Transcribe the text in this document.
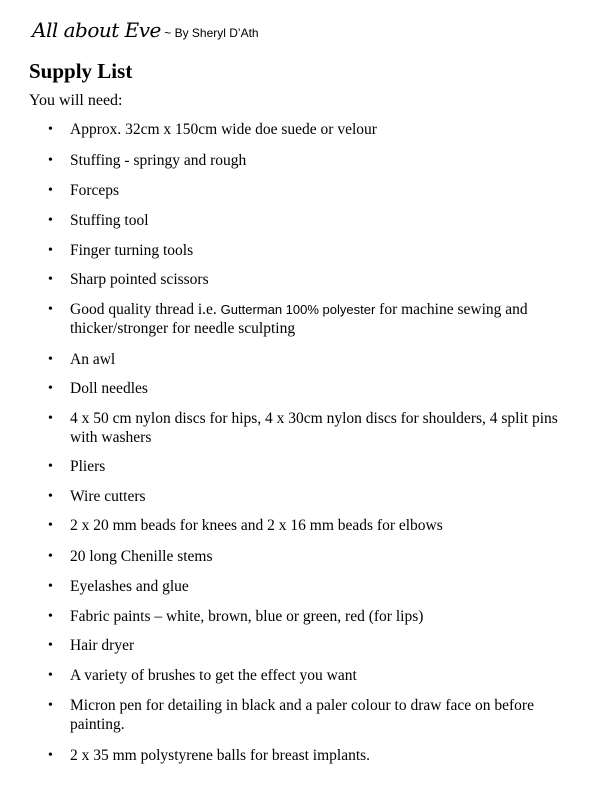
All about Eve ~ By Sheryl D’Ath
Supply List
You will need:
• Approx. 32cm x 150cm wide doe suede or velour
• Stuffing - springy and rough
• Forceps
• Stuffing tool
• Finger turning tools
• Sharp pointed scissors
• Good quality thread i.e. Gutterman 100% polyester for machine sewing and thicker/stronger for needle sculpting
• An awl
• Doll needles
• 4 x 50 cm nylon discs for hips, 4 x 30cm nylon discs for shoulders, 4 split pins with washers
• Pliers
• Wire cutters
• 2 x 20 mm beads for knees and 2 x 16 mm beads for elbows
• 20 long Chenille stems
• Eyelashes and glue
• Fabric paints – white, brown, blue or green, red (for lips)
• Hair dryer
• A variety of brushes to get the effect you want
• Micron pen for detailing in black and a paler colour to draw face on before painting.
• 2 x 35 mm polystyrene balls for breast implants.
